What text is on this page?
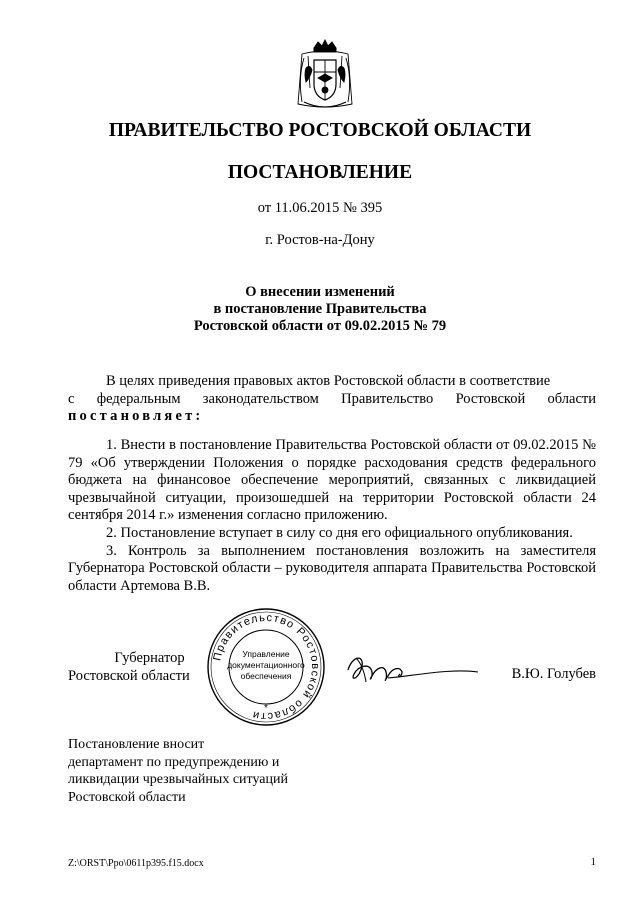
ПРАВИТЕЛЬСТВО РОСТОВСКОЙ ОБЛАСТИ
ПОСТАНОВЛЕНИЕ
от 11.06.2015 № 395
г. Ростов-на-Дону
О внесении изменений
в постановление Правительства
Ростовской области от 09.02.2015 № 79

В целях приведения правовых актов Ростовской области в соответствие

с федеральным законодательством Правительство Ростовской области

постановляет:

1. Внести в постановление Правительства Ростовской области от 09.02.2015 № 79 «Об утверждении Положения о порядке расходования средств федерального бюджета на финансовое обеспечение мероприятий, связанных с ликвидацией чрезвычайной ситуации, произошедшей на территории Ростовской области 24 сентября 2014 г.» изменения согласно приложению.

2. Постановление вступает в силу со дня его официального опубликования.

3. Контроль за выполнением постановления возложить на заместителя Губернатора Ростовской области – руководителя аппарата Правительства Ростовской области Артемова В.В.

Губернатор
Ростовской области
Правительство Ростовской области
Управление
документационного
обеспечения
*
В.Ю. Голубев
Постановление вносит
департамент по предупреждению и
ликвидации чрезвычайных ситуаций
Ростовской области
Z:\ORST\Ppo\0611p395.f15.docx	1
